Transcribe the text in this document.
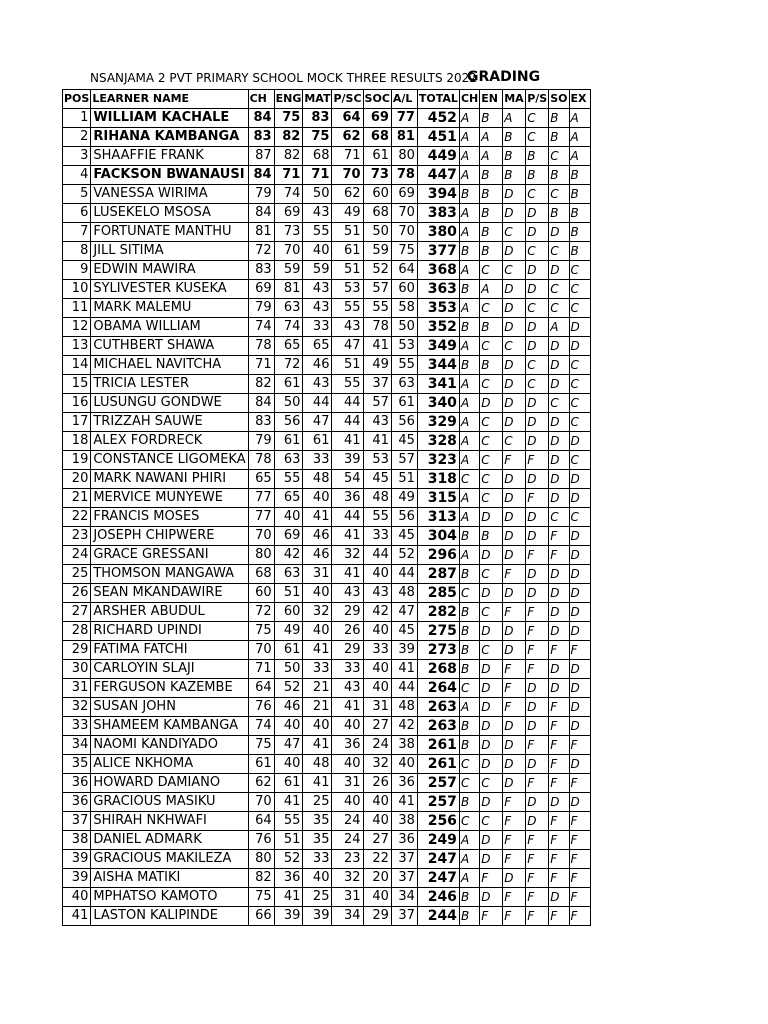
NSANJAMA 2 PVT PRIMARY SCHOOL MOCK THREE RESULTS 2022
GRADING
POS	LEARNER NAME	CH	ENG	MAT	P/SC	SOC	A/L	TOTAL	CH	EN	MA	P/S	SO	EX
1	WILLIAM KACHALE	84	75	83	64	69	77	452	A	B	A	C	B	A
2	RIHANA KAMBANGA	83	82	75	62	68	81	451	A	A	B	C	B	A
3	SHAAFFIE FRANK	87	82	68	71	61	80	449	A	A	B	B	C	A
4	FACKSON BWANAUSI	84	71	71	70	73	78	447	A	B	B	B	B	B
5	VANESSA WIRIMA	79	74	50	62	60	69	394	B	B	D	C	C	B
6	LUSEKELO MSOSA	84	69	43	49	68	70	383	A	B	D	D	B	B
7	FORTUNATE MANTHU	81	73	55	51	50	70	380	A	B	C	D	D	B
8	JILL SITIMA	72	70	40	61	59	75	377	B	B	D	C	C	B
9	EDWIN MAWIRA	83	59	59	51	52	64	368	A	C	C	D	D	C
10	SYLIVESTER KUSEKA	69	81	43	53	57	60	363	B	A	D	D	C	C
11	MARK MALEMU	79	63	43	55	55	58	353	A	C	D	C	C	C
12	OBAMA WILLIAM	74	74	33	43	78	50	352	B	B	D	D	A	D
13	CUTHBERT SHAWA	78	65	65	47	41	53	349	A	C	C	D	D	D
14	MICHAEL NAVITCHA	71	72	46	51	49	55	344	B	B	D	C	D	C
15	TRICIA LESTER	82	61	43	55	37	63	341	A	C	D	C	D	C
16	LUSUNGU GONDWE	84	50	44	44	57	61	340	A	D	D	D	C	C
17	TRIZZAH SAUWE	83	56	47	44	43	56	329	A	C	D	D	D	C
18	ALEX FORDRECK	79	61	61	41	41	45	328	A	C	C	D	D	D
19	CONSTANCE LIGOMEKA	78	63	33	39	53	57	323	A	C	F	F	D	C
20	MARK NAWANI PHIRI	65	55	48	54	45	51	318	C	C	D	D	D	D
21	MERVICE MUNYEWE	77	65	40	36	48	49	315	A	C	D	F	D	D
22	FRANCIS MOSES	77	40	41	44	55	56	313	A	D	D	D	C	C
23	JOSEPH CHIPWERE	70	69	46	41	33	45	304	B	B	D	D	F	D
24	GRACE GRESSANI	80	42	46	32	44	52	296	A	D	D	F	F	D
25	THOMSON MANGAWA	68	63	31	41	40	44	287	B	C	F	D	D	D
26	SEAN MKANDAWIRE	60	51	40	43	43	48	285	C	D	D	D	D	D
27	ARSHER ABUDUL	72	60	32	29	42	47	282	B	C	F	F	D	D
28	RICHARD UPINDI	75	49	40	26	40	45	275	B	D	D	F	D	D
29	FATIMA FATCHI	70	61	41	29	33	39	273	B	C	D	F	F	F
30	CARLOYIN SLAJI	71	50	33	33	40	41	268	B	D	F	F	D	D
31	FERGUSON KAZEMBE	64	52	21	43	40	44	264	C	D	F	D	D	D
32	SUSAN JOHN	76	46	21	41	31	48	263	A	D	F	D	F	D
33	SHAMEEM KAMBANGA	74	40	40	40	27	42	263	B	D	D	D	F	D
34	NAOMI KANDIYADO	75	47	41	36	24	38	261	B	D	D	F	F	F
35	ALICE NKHOMA	61	40	48	40	32	40	261	C	D	D	D	F	D
36	HOWARD DAMIANO	62	61	41	31	26	36	257	C	C	D	F	F	F
36	GRACIOUS MASIKU	70	41	25	40	40	41	257	B	D	F	D	D	D
37	SHIRAH NKHWAFI	64	55	35	24	40	38	256	C	C	F	D	F	F
38	DANIEL ADMARK	76	51	35	24	27	36	249	A	D	F	F	F	F
39	GRACIOUS MAKILEZA	80	52	33	23	22	37	247	A	D	F	F	F	F
39	AISHA MATIKI	82	36	40	32	20	37	247	A	F	D	F	F	F
40	MPHATSO KAMOTO	75	41	25	31	40	34	246	B	D	F	F	D	F
41	LASTON KALIPINDE	66	39	39	34	29	37	244	B	F	F	F	F	F
